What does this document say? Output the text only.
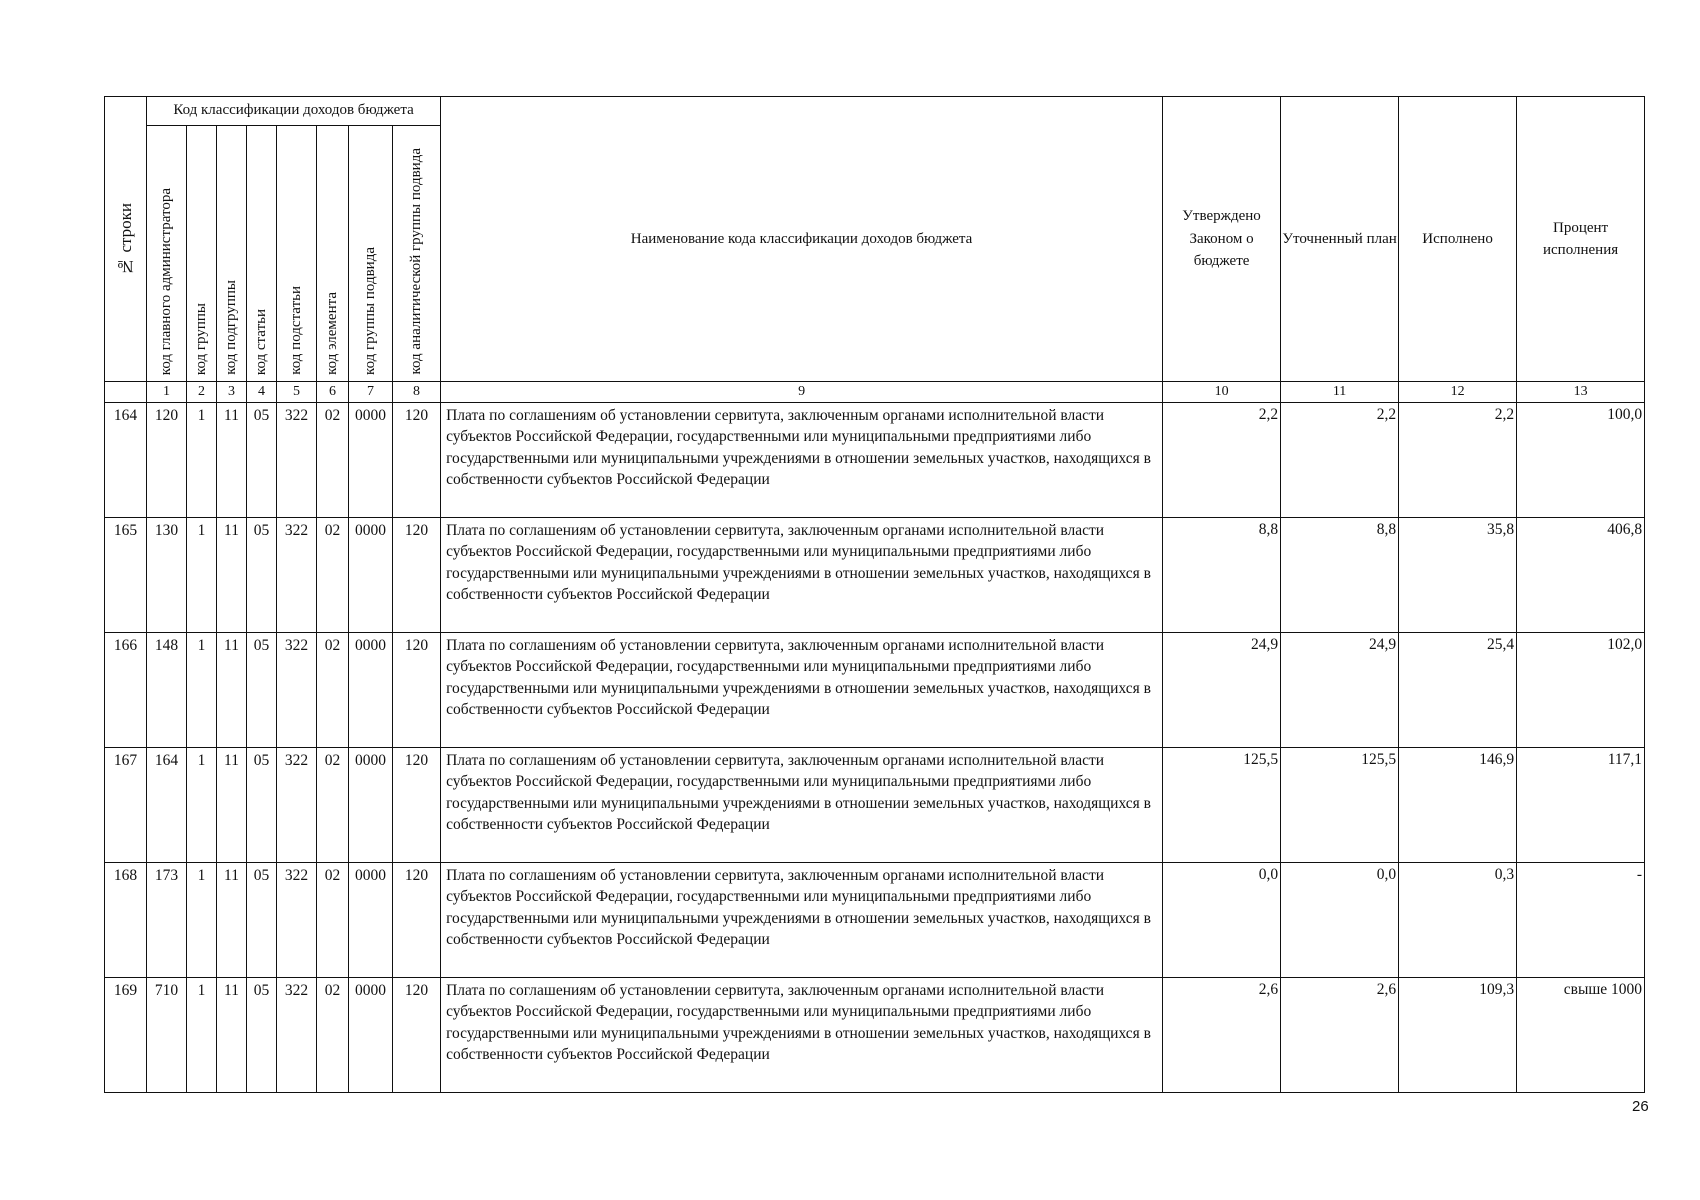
№ строки	Код классификации доходов бюджета								Наименование кода классификации доходов бюджета	Утверждено Законом о бюджете	Уточненный план	Исполнено	Процент исполнения

	код главного администратора	код группы	код подгруппы	код статьи	код подстатьи	код элемента	код группы подвида	код аналитической группы подвида					

	1	2	3	4	5	6	7	8	9	10	11	12	13
164	120	1	11	05	322	02	0000	120	Плата по соглашениям об установлении сервитута, заключенным органами исполнительной власти субъектов Российской Федерации, государственными или муниципальными предприятиями либо государственными или муниципальными учреждениями в отношении земельных участков, находящихся в собственности субъектов Российской Федерации	2,2	2,2	2,2	100,0
165	130	1	11	05	322	02	0000	120	Плата по соглашениям об установлении сервитута, заключенным органами исполнительной власти субъектов Российской Федерации, государственными или муниципальными предприятиями либо государственными или муниципальными учреждениями в отношении земельных участков, находящихся в собственности субъектов Российской Федерации	8,8	8,8	35,8	406,8
166	148	1	11	05	322	02	0000	120	Плата по соглашениям об установлении сервитута, заключенным органами исполнительной власти субъектов Российской Федерации, государственными или муниципальными предприятиями либо государственными или муниципальными учреждениями в отношении земельных участков, находящихся в собственности субъектов Российской Федерации	24,9	24,9	25,4	102,0
167	164	1	11	05	322	02	0000	120	Плата по соглашениям об установлении сервитута, заключенным органами исполнительной власти субъектов Российской Федерации, государственными или муниципальными предприятиями либо государственными или муниципальными учреждениями в отношении земельных участков, находящихся в собственности субъектов Российской Федерации	125,5	125,5	146,9	117,1
168	173	1	11	05	322	02	0000	120	Плата по соглашениям об установлении сервитута, заключенным органами исполнительной власти субъектов Российской Федерации, государственными или муниципальными предприятиями либо государственными или муниципальными учреждениями в отношении земельных участков, находящихся в собственности субъектов Российской Федерации	0,0	0,0	0,3	-
169	710	1	11	05	322	02	0000	120	Плата по соглашениям об установлении сервитута, заключенным органами исполнительной власти субъектов Российской Федерации, государственными или муниципальными предприятиями либо государственными или муниципальными учреждениями в отношении земельных участков, находящихся в собственности субъектов Российской Федерации	2,6	2,6	109,3	свыше 1000
26
